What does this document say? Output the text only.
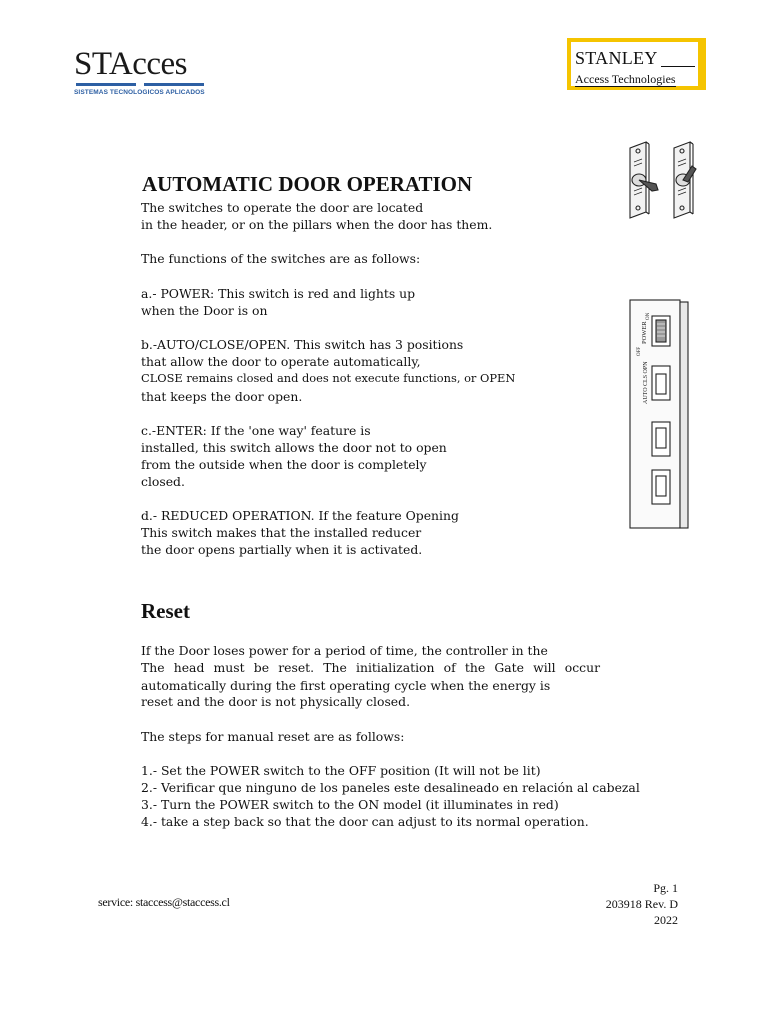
STAcces
SISTEMAS TECNOLOGICOS APLICADOS
STANLEY
Access Technologies
AUTOMATIC DOOR OPERATION
The switches to operate the door are located
in the header, or on the pillars when the door has them.
The functions of the switches are as follows:
a.- POWER: This switch is red and lights up
when the Door is on
b.-AUTO/CLOSE/OPEN. This switch has 3 positions
that allow the door to operate automatically,
CLOSE remains closed and does not execute functions, or OPEN
that keeps the door open.
c.-ENTER: If the 'one way' feature is
installed, this switch allows the door not to open
from the outside when the door is completely
closed.
d.- REDUCED OPERATION. If the feature Opening
This switch makes that the installed reducer
the door opens partially when it is activated.
Reset
If the Door loses power for a period of time, the controller in the
The head must be reset. The initialization of the Gate will occur
automatically during the first operating cycle when the energy is
reset and the door is not physically closed.
The steps for manual reset are as follows:
1.- Set the POWER switch to the OFF position (It will not be lit)
2.- Verificar que ninguno de los paneles este desalineado en relación al cabezal
3.- Turn the POWER switch to the ON model (it illuminates in red)
4.- take a step back so that the door can adjust to its normal operation.
POWER
ON
OFF
AUTO CLS OPN
service: staccess@staccess.cl
Pg. 1
203918 Rev. D
2022
